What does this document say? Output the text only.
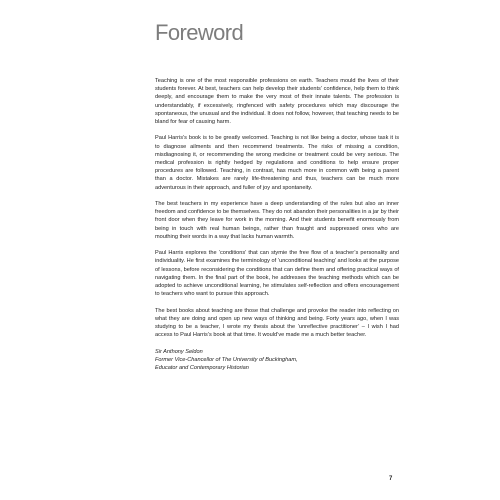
Foreword

Teaching is one of the most responsible professions on earth. Teachers mould the lives of their students forever. At best, teachers can help develop their students’ confidence, help them to think deeply, and encourage them to make the very most of their innate talents. The profession is understandably, if excessively, ringfenced with safety procedures which may discourage the spontaneous, the unusual and the individual. It does not follow, however, that teaching needs to be bland for fear of causing harm.

Paul Harris’s book is to be greatly welcomed. Teaching is not like being a doctor, whose task it is to diagnose ailments and then recommend treatments. The risks of missing a condition, misdiagnosing it, or recommending the wrong medicine or treatment could be very serious. The medical profession is rightly hedged by regulations and conditions to help ensure proper procedures are followed. Teaching, in contrast, has much more in common with being a parent than a doctor. Mistakes are rarely life-threatening and thus, teachers can be much more adventurous in their approach, and fuller of joy and spontaneity.

The best teachers in my experience have a deep understanding of the rules but also an inner freedom and confidence to be themselves. They do not abandon their personalities in a jar by their front door when they leave for work in the morning. And their students benefit enormously from being in touch with real human beings, rather than fraught and suppressed ones who are mouthing their words in a way that lacks human warmth.

Paul Harris explores the ‘conditions’ that can stymie the free flow of a teacher’s personality and individuality. He first examines the terminology of ‘unconditional teaching’ and looks at the purpose of lessons, before reconsidering the conditions that can define them and offering practical ways of navigating them. In the final part of the book, he addresses the teaching methods which can be adopted to achieve unconditional learning, he stimulates self-reflection and offers encouragement to teachers who want to pursue this approach.

The best books about teaching are those that challenge and provoke the reader into reflecting on what they are doing and open up new ways of thinking and being. Forty years ago, when I was studying to be a teacher, I wrote my thesis about the ‘unreflective practitioner’ – I wish I had access to Paul Harris’s book at that time. It would’ve made me a much better teacher.

Sir Anthony Seldon
Former Vice-Chancellor of The University of Buckingham,
Educator and Contemporary Historian
7
